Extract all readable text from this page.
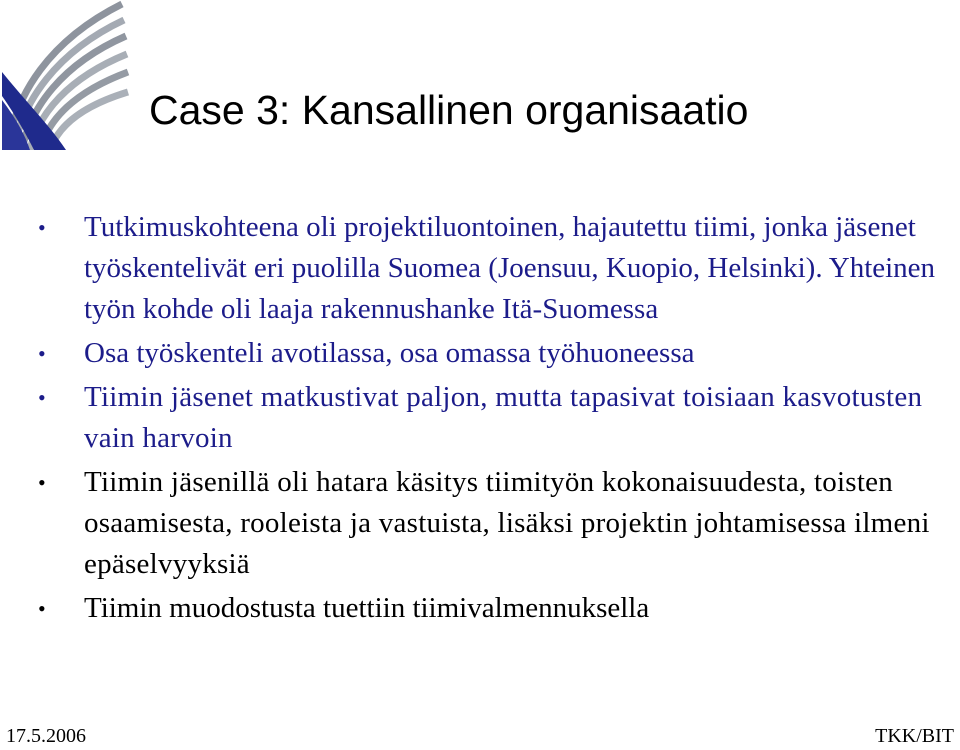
Case 3: Kansallinen organisaatio
• Tutkimuskohteena oli projektiluontoinen, hajautettu tiimi, jonka jäsenet työskentelivät eri puolilla Suomea (Joensuu, Kuopio, Helsinki). Yhteinen työn kohde oli laaja rakennushanke Itä-Suomessa
• Osa työskenteli avotilassa, osa omassa työhuoneessa
• Tiimin jäsenet matkustivat paljon, mutta tapasivat toisiaan kasvotusten vain harvoin
• Tiimin jäsenillä oli hatara käsitys tiimityön kokonaisuudesta, toisten osaamisesta, rooleista ja vastuista, lisäksi projektin johtamisessa ilmeni epäselvyyksiä
• Tiimin muodostusta tuettiin tiimivalmennuksella
17.5.2006	TKK/BIT
